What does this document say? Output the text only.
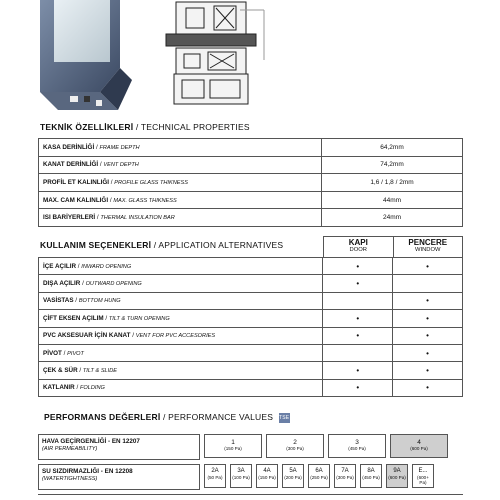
TEKNİK ÖZELLİKLERİ / TECHNICAL PROPERTIES
KASA DERİNLİĞİ / FRAME DEPTH	64,2mm
KANAT DERİNLİĞİ / VENT DEPTH	74,2mm
PROFİL ET KALINLIĞI / PROFILE GLASS THIKNESS	1,6 / 1,8 / 2mm
MAX. CAM KALINLIĞI / MAX. GLASS THIKNESS	44mm
ISI BARİYERLERİ / THERMAL INSULATION BAR	24mm
KULLANIM SEÇENEKLERİ / APPLICATION ALTERNATIVES	KAPI
DOOR
PENCERE
WINDOW
İÇE AÇILIR / INWARD OPENING	•	•
DIŞA AÇILIR / OUTWARD OPENING	•	
VASİSTAS / BOTTOM HUNG		•
ÇİFT EKSEN AÇILIM / TILT & TURN OPENING	•	•
PVC AKSESUAR İÇİN KANAT / VENT FOR PVC ACCESORIES	•	•
PİVOT / PIVOT		•
ÇEK & SÜR / TILT & SLIDE	•	•
KATLANIR / FOLDING	•	•
PERFORMANS DEĞERLERİ / PERFORMANCE VALUES TSE
HAVA GEÇİRGENLİĞİ - EN 12207
(AIR PERMEABILITY)
1
(150 Pa)
2
(300 Pa)
3
(450 Pa)
4
(600 Pa)
SU SIZDIRMAZLIĞI - EN 12208
(WATERTIGHTNESS)
2A
(50 Pa)
3A
(100 Pa)
4A
(150 Pa)
5A
(200 Pa)
6A
(250 Pa)
7A
(300 Pa)
8A
(450 Pa)
9A
(600 Pa)
E...
(600+ Pa)
